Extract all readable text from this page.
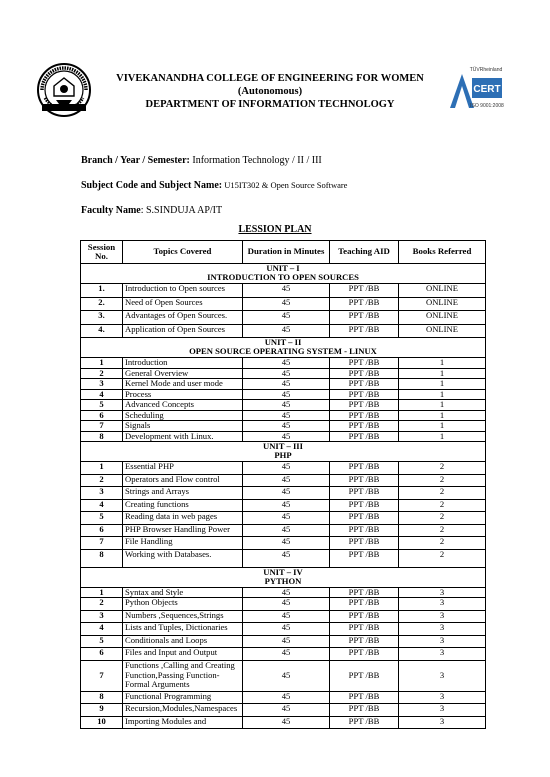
TÜVRheinland
CERT
ISO 9001:2008
VIVEKANANDHA COLLEGE OF ENGINEERING FOR WOMEN
(Autonomous)
DEPARTMENT OF INFORMATION TECHNOLOGY
Branch / Year / Semester: Information Technology / II / III
Subject Code and Subject Name: U15IT302 & Open Source Software
Faculty Name: S.SINDUJA AP/IT
LESSION PLAN
Session No.	Topics Covered	Duration in Minutes	Teaching AID	Books Referred

UNIT – I
INTRODUCTION TO OPEN SOURCES				

1.	Introduction to Open sources	45	PPT /BB	ONLINE
2.	Need of Open Sources	45	PPT /BB	ONLINE
3.	Advantages of Open Sources.	45	PPT /BB	ONLINE
4.	Application of Open Sources	45	PPT /BB	ONLINE

UNIT – II
OPEN SOURCE OPERATING SYSTEM - LINUX				

1	Introduction	45	PPT /BB	1
2	General Overview	45	PPT /BB	1
3	Kernel Mode and user mode	45	PPT /BB	1
4	Process	45	PPT /BB	1
5	Advanced Concepts	45	PPT /BB	1
6	Scheduling	45	PPT /BB	1
7	Signals	45	PPT /BB	1
8	Development with Linux.	45	PPT /BB	1

UNIT – III
PHP				

1	Essential PHP	45	PPT /BB	2
2	Operators and Flow control	45	PPT /BB	2
3	Strings and Arrays	45	PPT /BB	2
4	Creating functions	45	PPT /BB	2
5	Reading data in web pages	45	PPT /BB	2
6	PHP Browser Handling Power	45	PPT /BB	2
7	File Handling	45	PPT /BB	2
8	Working with Databases.	45	PPT /BB	2

UNIT – IV
PYTHON				

1	Syntax and Style	45	PPT /BB	3
2	Python Objects	45	PPT /BB	3
3	Numbers ,Sequences,Strings	45	PPT /BB	3
4	Lists and Tuples, Dictionaries	45	PPT /BB	3
5	Conditionals and Loops	45	PPT /BB	3
6	Files and Input and Output	45	PPT /BB	3
7	Functions ,Calling and Creating Function,Passing Function- Formal Arguments	45	PPT /BB	3
8	Functional Programming	45	PPT /BB	3
9	Recursion,Modules,Namespaces	45	PPT /BB	3
10	Importing Modules and	45	PPT /BB	3
